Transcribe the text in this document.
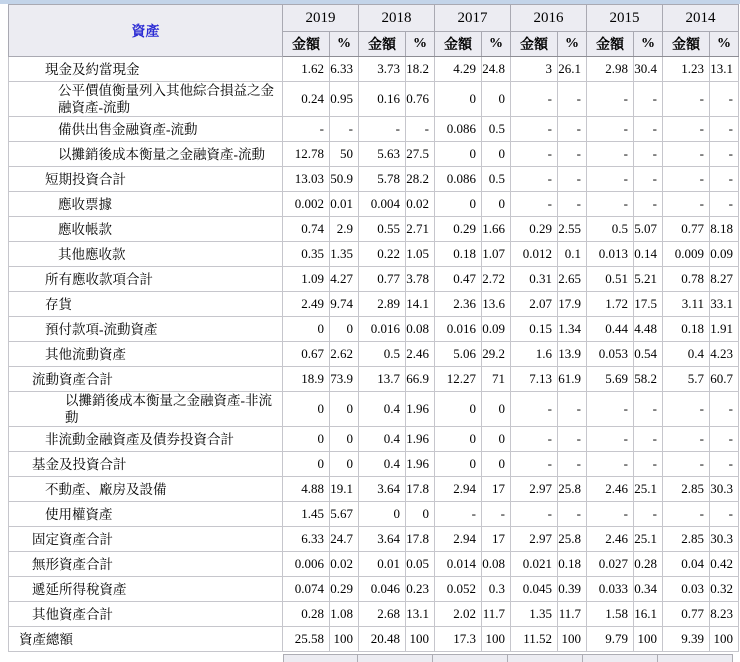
資產	2019		2018		2017		2016		2015		2014	
	金額	%	金額	%	金額	%	金額	%	金額	%	金額	%
現金及約當現金	1.62	6.33	3.73	18.2	4.29	24.8	3	26.1	2.98	30.4	1.23	13.1
公平價值衡量列入其他綜合損益之金融資產-流動	0.24	0.95	0.16	0.76	0	0	-	-	-	-	-	-
備供出售金融資產-流動	-	-	-	-	0.086	0.5	-	-	-	-	-	-
以攤銷後成本衡量之金融資產-流動	12.78	50	5.63	27.5	0	0	-	-	-	-	-	-
短期投資合計	13.03	50.9	5.78	28.2	0.086	0.5	-	-	-	-	-	-
應收票據	0.002	0.01	0.004	0.02	0	0	-	-	-	-	-	-
應收帳款	0.74	2.9	0.55	2.71	0.29	1.66	0.29	2.55	0.5	5.07	0.77	8.18
其他應收款	0.35	1.35	0.22	1.05	0.18	1.07	0.012	0.1	0.013	0.14	0.009	0.09
所有應收款項合計	1.09	4.27	0.77	3.78	0.47	2.72	0.31	2.65	0.51	5.21	0.78	8.27
存貨	2.49	9.74	2.89	14.1	2.36	13.6	2.07	17.9	1.72	17.5	3.11	33.1
預付款項-流動資產	0	0	0.016	0.08	0.016	0.09	0.15	1.34	0.44	4.48	0.18	1.91
其他流動資產	0.67	2.62	0.5	2.46	5.06	29.2	1.6	13.9	0.053	0.54	0.4	4.23
流動資產合計	18.9	73.9	13.7	66.9	12.27	71	7.13	61.9	5.69	58.2	5.7	60.7
以攤銷後成本衡量之金融資產-非流動	0	0	0.4	1.96	0	0	-	-	-	-	-	-
非流動金融資產及債券投資合計	0	0	0.4	1.96	0	0	-	-	-	-	-	-
基金及投資合計	0	0	0.4	1.96	0	0	-	-	-	-	-	-
不動產、廠房及設備	4.88	19.1	3.64	17.8	2.94	17	2.97	25.8	2.46	25.1	2.85	30.3
使用權資產	1.45	5.67	0	0	-	-	-	-	-	-	-	-
固定資產合計	6.33	24.7	3.64	17.8	2.94	17	2.97	25.8	2.46	25.1	2.85	30.3
無形資產合計	0.006	0.02	0.01	0.05	0.014	0.08	0.021	0.18	0.027	0.28	0.04	0.42
遞延所得稅資產	0.074	0.29	0.046	0.23	0.052	0.3	0.045	0.39	0.033	0.34	0.03	0.32
其他資產合計	0.28	1.08	2.68	13.1	2.02	11.7	1.35	11.7	1.58	16.1	0.77	8.23
資產總額	25.58	100	20.48	100	17.3	100	11.52	100	9.79	100	9.39	100
